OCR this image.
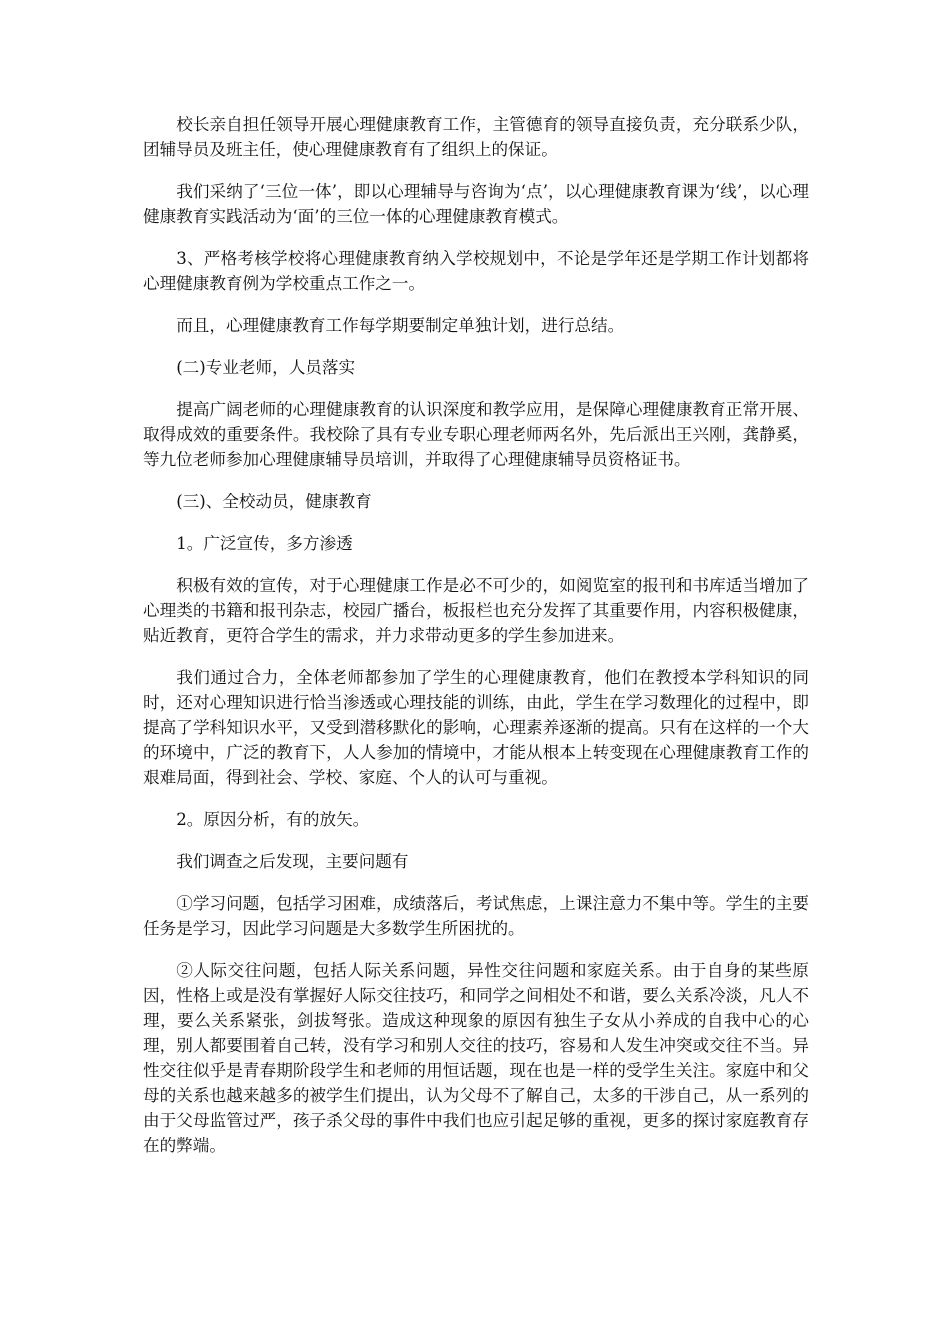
校长亲自担任领导开展心理健康教育工作，主管德育的领导直接负责，充分联系少队，团辅导员及班主任，使心理健康教育有了组织上的保证。

我们采纳了‘三位一体’，即以心理辅导与咨询为‘点’，以心理健康教育课为‘线’，以心理健康教育实践活动为‘面’的三位一体的心理健康教育模式。

3、严格考核学校将心理健康教育纳入学校规划中，不论是学年还是学期工作计划都将心理健康教育例为学校重点工作之一。

而且，心理健康教育工作每学期要制定单独计划，进行总结。

(二)专业老师，人员落实

提高广阔老师的心理健康教育的认识深度和教学应用，是保障心理健康教育正常开展、取得成效的重要条件。我校除了具有专业专职心理老师两名外，先后派出王兴刚，龚静奚，等九位老师参加心理健康辅导员培训，并取得了心理健康辅导员资格证书。

(三)、全校动员，健康教育

1。广泛宣传，多方渗透

积极有效的宣传，对于心理健康工作是必不可少的，如阅览室的报刊和书库适当增加了心理类的书籍和报刊杂志，校园广播台，板报栏也充分发挥了其重要作用，内容积极健康，贴近教育，更符合学生的需求，并力求带动更多的学生参加进来。

我们通过合力，全体老师都参加了学生的心理健康教育，他们在教授本学科知识的同时，还对心理知识进行恰当渗透或心理技能的训练，由此，学生在学习数理化的过程中，即提高了学科知识水平，又受到潜移默化的影响，心理素养逐渐的提高。只有在这样的一个大的环境中，广泛的教育下，人人参加的情境中，才能从根本上转变现在心理健康教育工作的艰难局面，得到社会、学校、家庭、个人的认可与重视。

2。原因分析，有的放矢。

我们调查之后发现，主要问题有

①学习问题，包括学习困难，成绩落后，考试焦虑，上课注意力不集中等。学生的主要任务是学习，因此学习问题是大多数学生所困扰的。

②人际交往问题，包括人际关系问题，异性交往问题和家庭关系。由于自身的某些原因，性格上或是没有掌握好人际交往技巧，和同学之间相处不和谐，要么关系冷淡，凡人不理，要么关系紧张，剑拔弩张。造成这种现象的原因有独生子女从小养成的自我中心的心理，别人都要围着自己转，没有学习和别人交往的技巧，容易和人发生冲突或交往不当。异性交往似乎是青春期阶段学生和老师的用恒话题，现在也是一样的受学生关注。家庭中和父母的关系也越来越多的被学生们提出，认为父母不了解自己，太多的干涉自己，从一系列的由于父母监管过严，孩子杀父母的事件中我们也应引起足够的重视，更多的探讨家庭教育存在的弊端。
